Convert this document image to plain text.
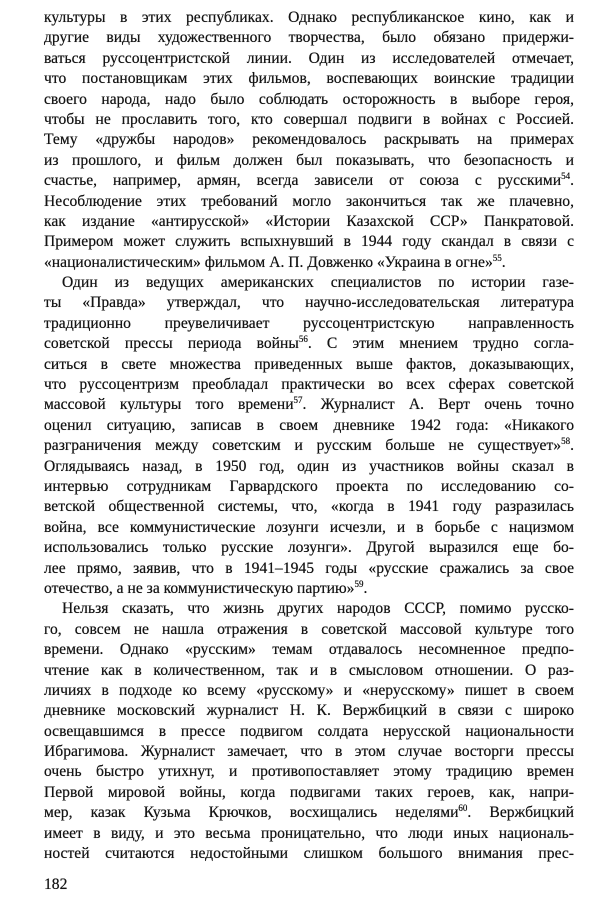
культуры в этих республиках. Однако республиканское кино, как и
другие виды художественного творчества, было обязано придержи-
ваться руссоцентристской линии. Один из исследователей отмечает,
что постановщикам этих фильмов, воспевающих воинские традиции
своего народа, надо было соблюдать осторожность в выборе героя,
чтобы не прославить того, кто совершал подвиги в войнах с Россией.
Тему «дружбы народов» рекомендовалось раскрывать на примерах
из прошлого, и фильм должен был показывать, что безопасность и
счастье, например, армян, всегда зависели от союза с русскими$^{54}$.
Несоблюдение этих требований могло закончиться так же плачевно,
как издание «антирусской» «Истории Казахской ССР» Панкратовой.
Примером может служить вспыхнувший в 1944 году скандал в связи с
«националистическим» фильмом А. П. Довженко «Украина в огне»$^{55}$.
Один из ведущих американских специалистов по истории газе-
ты «Правда» утверждал, что научно-исследовательская литература
традиционно преувеличивает руссоцентристскую направленность
советской прессы периода войны$^{56}$. С этим мнением трудно согла-
ситься в свете множества приведенных выше фактов, доказывающих,
что руссоцентризм преобладал практически во всех сферах советской
массовой культуры того времени$^{57}$. Журналист А. Верт очень точно
оценил ситуацию, записав в своем дневнике 1942 года: «Никакого
разграничения между советским и русским больше не существует»$^{58}$.
Оглядываясь назад, в 1950 год, один из участников войны сказал в
интервью сотрудникам Гарвардского проекта по исследованию со-
ветской общественной системы, что, «когда в 1941 году разразилась
война, все коммунистические лозунги исчезли, и в борьбе с нацизмом
использовались только русские лозунги». Другой выразился еще бо-
лее прямо, заявив, что в 1941–1945 годы «русские сражались за свое
отечество, а не за коммунистическую партию»$^{59}$.
Нельзя сказать, что жизнь других народов СССР, помимо русско-
го, совсем не нашла отражения в советской массовой культуре того
времени. Однако «русским» темам отдавалось несомненное предпо-
чтение как в количественном, так и в смысловом отношении. О раз-
личиях в подходе ко всему «русскому» и «нерусскому» пишет в своем
дневнике московский журналист Н. К. Вержбицкий в связи с широко
освещавшимся в прессе подвигом солдата нерусской национальности
Ибрагимова. Журналист замечает, что в этом случае восторги прессы
очень быстро утихнут, и противопоставляет этому традицию времен
Первой мировой войны, когда подвигами таких героев, как, напри-
мер, казак Кузьма Крючков, восхищались неделями$^{60}$. Вержбицкий
имеет в виду, и это весьма проницательно, что люди иных националь-
ностей считаются недостойными слишком большого внимания прес-
182
